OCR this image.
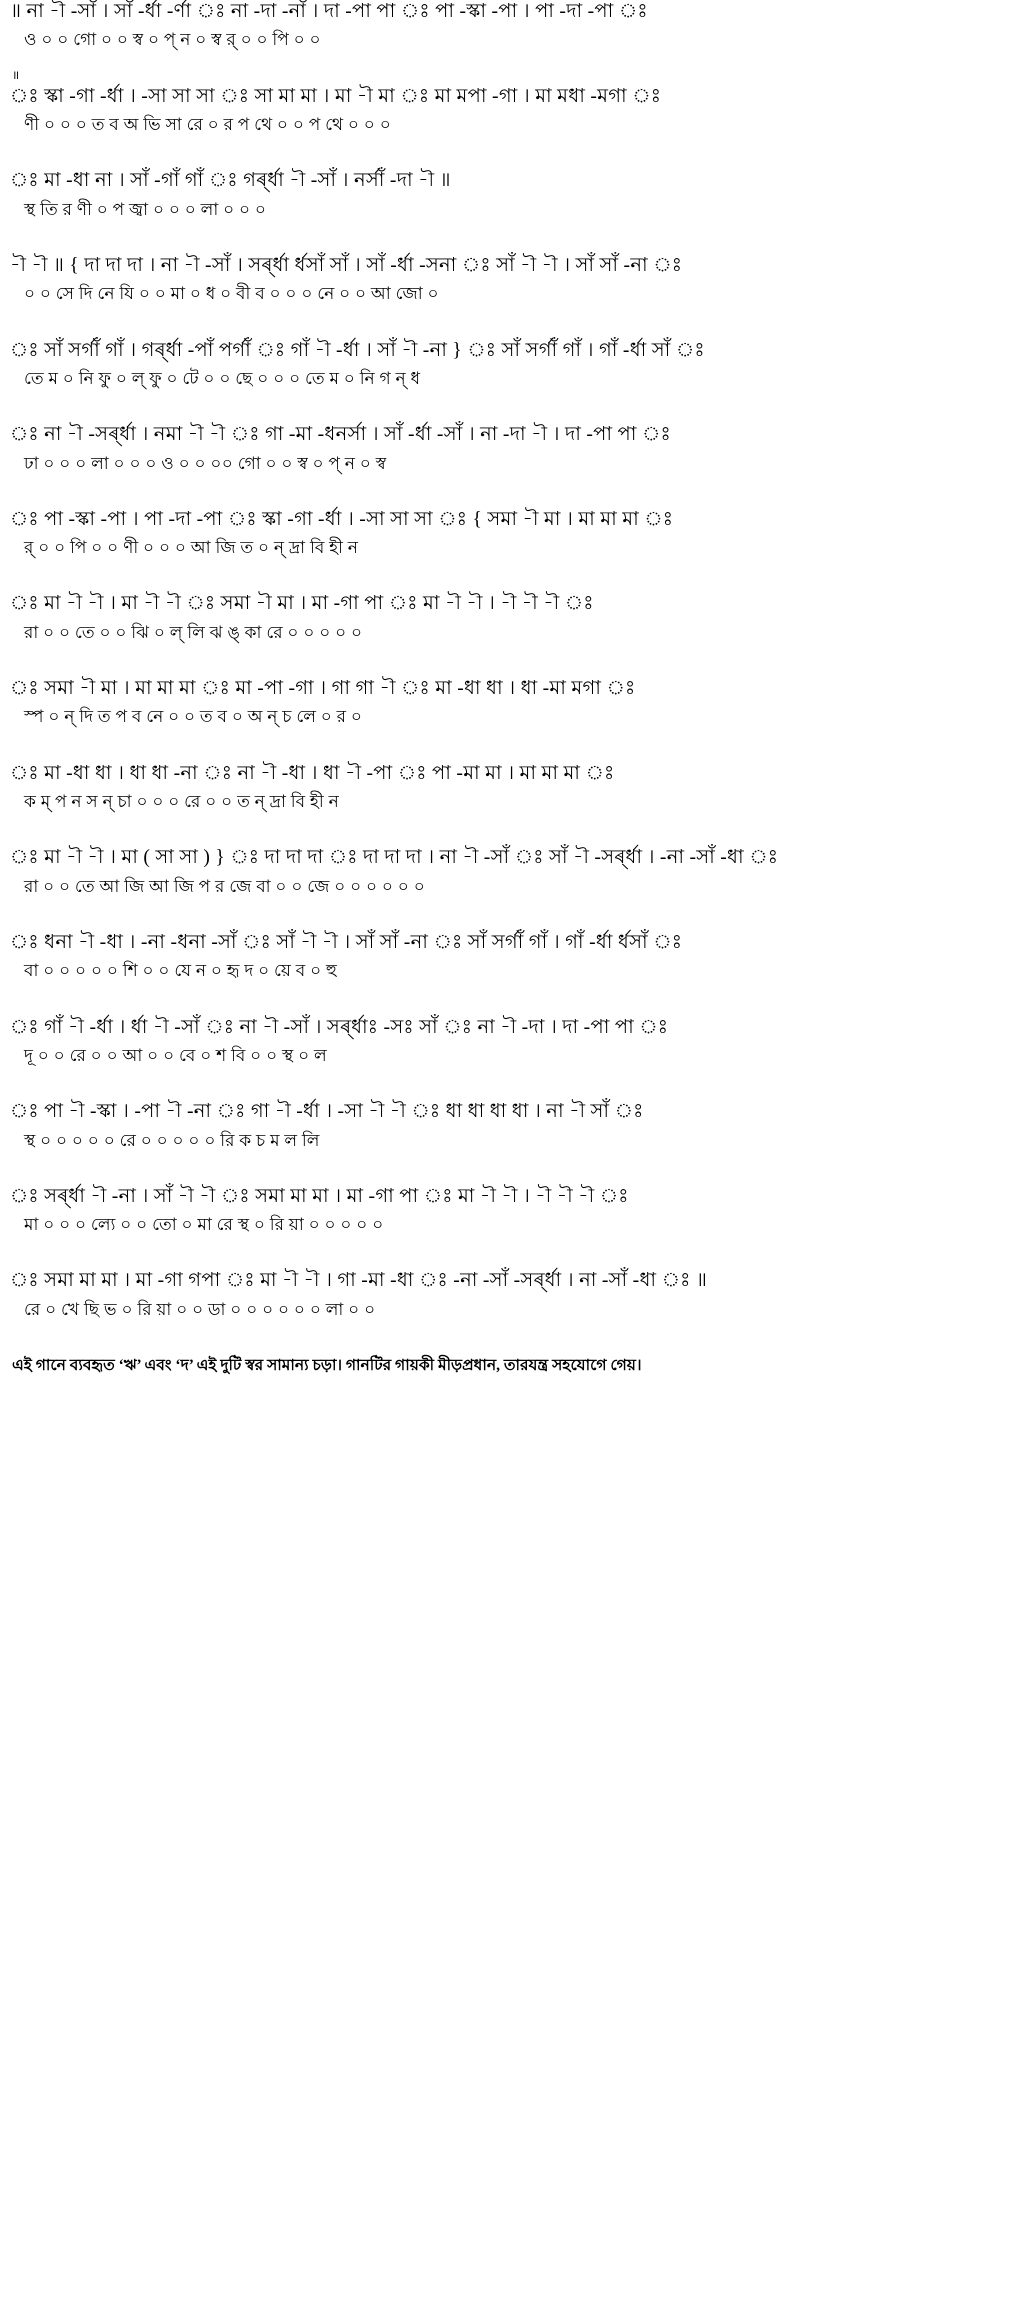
॥ না -ৗ -সাঁ । সাঁ -ৰ্ধা -ৰ্ণা ঃ না -দা -নাঁ । দা -পা পা ঃ পা -স্কা -পা । পা -দা -পা ঃ
ও ০ ০ গো ০ ০ স্ব ০ প্ ন ০ স্ব র্ ০ ০ পি ০ ০
॥ ঃ স্কা -গা -ৰ্ধা । -সা সা সা ঃ সা মা মা । মা -ৗ মা ঃ মা মপা -গা । মা মধা -মগা ঃ
ণী ০ ০ ০ ত ব অ ভি সা রে ০ র প থে ০ ০ প থে ০ ০ ০
ঃ মা -ধা না । সাঁ -গাঁ গাঁ ঃ গর্ৰ্ধা -ৗ -সাঁ । নর্সাঁ -দা -ৗ ॥
স্থ তি র ণী ০ প জ্বা ০ ০ ০ লা ০ ০ ০
-ৗ -ৗ ॥ { দা দা দা । না -ৗ -সাঁ । সর্ৰ্ধা ৰ্ধসাঁ সাঁ । সাঁ -ৰ্ধা -সনা ঃ সাঁ -ৗ -ৗ । সাঁ সাঁ -না ঃ
০ ০ সে দি নে যি ০ ০ মা ০ ধ ০ বী ব ০ ০ ০ নে ০ ০ আ জো ০
ঃ সাঁ সর্গাঁ গাঁ । গর্ৰ্ধা -পাঁ পর্গাঁ ঃ গাঁ -ৗ -ৰ্ধা । সাঁ -ৗ -না } ঃ সাঁ সর্গাঁ গাঁ । গাঁ -ৰ্ধা সাঁ ঃ
তে ম ০ নি ফু ০ ল্ ফু ০ টে ০ ০ ছে ০ ০ ০ তে ম ০ নি গ ন্ ধ
ঃ না -ৗ -সর্ৰ্ধা । নমা -ৗ -ৗ ঃ গা -মা -ধনর্সা । সাঁ -ৰ্ধা -সাঁ । না -দা -ৗ । দা -পা পা ঃ
ঢা ০ ০ ০ লা ০ ০ ০ ও ০ ০ ০০ গো ০ ০ স্ব ০ প্ ন ০ স্ব
ঃ পা -স্কা -পা । পা -দা -পা ঃ স্কা -গা -ৰ্ধা । -সা সা সা ঃ { সমা -ৗ মা । মা মা মা ঃ
র্ ০ ০ পি ০ ০ ণী ০ ০ ০ আ জি ত ০ ন্ দ্রা বি হী ন
ঃ মা -ৗ -ৗ । মা -ৗ -ৗ ঃ সমা -ৗ মা । মা -গা পা ঃ মা -ৗ -ৗ । -ৗ -ৗ -ৗ ঃ
রা ০ ০ তে ০ ০ ঝি ০ ল্ লি ঝ ঙ্ কা রে ০ ০ ০ ০ ০
ঃ সমা -ৗ মা । মা মা মা ঃ মা -পা -গা । গা গা -ৗ ঃ মা -ধা ধা । ধা -মা মগা ঃ
স্প ০ ন্ দি ত প ব নে ০ ০ ত ব ০ অ ন্ চ লে ০ র ০
ঃ মা -ধা ধা । ধা ধা -না ঃ না -ৗ -ধা । ধা -ৗ -পা ঃ পা -মা মা । মা মা মা ঃ
ক ম্ প ন স ন্ চা ০ ০ ০ রে ০ ০ ত ন্ দ্রা বি হী ন
ঃ মা -ৗ -ৗ । মা ( সা সা ) } ঃ দা দা দা ঃ দা দা দা । না -ৗ -সাঁ ঃ সাঁ -ৗ -সর্ৰ্ধা । -না -সাঁ -ধা ঃ
রা ০ ০ তে আ জি আ জি প র জে বা ০ ০ জে ০ ০ ০ ০ ০ ০
ঃ ধনা -ৗ -ধা । -না -ধনা -সাঁ ঃ সাঁ -ৗ -ৗ । সাঁ সাঁ -না ঃ সাঁ সর্গাঁ গাঁ । গাঁ -ৰ্ধা ৰ্ধসাঁ ঃ
বা ০ ০ ০ ০ ০ শি ০ ০ যে ন ০ হৃ দ ০ য়ে ব ০ হু
ঃ গাঁ -ৗ -ৰ্ধা । ৰ্ধা -ৗ -সাঁ ঃ না -ৗ -সাঁ । সর্ৰ্ধাঃ -সঃ সাঁ ঃ না -ৗ -দা । দা -পা পা ঃ
দূ ০ ০ রে ০ ০ আ ০ ০ বে ০ শ বি ০ ০ স্থ ০ ল
ঃ পা -ৗ -স্কা । -পা -ৗ -না ঃ গা -ৗ -ৰ্ধা । -সা -ৗ -ৗ ঃ ধা ধা ধা ধা । না -ৗ সাঁ ঃ
স্থ ০ ০ ০ ০ ০ রে ০ ০ ০ ০ ০ রি ক চ ম ল লি
ঃ সর্ৰ্ধা -ৗ -না । সাঁ -ৗ -ৗ ঃ সমা মা মা । মা -গা পা ঃ মা -ৗ -ৗ । -ৗ -ৗ -ৗ ঃ
মা ০ ০ ০ ল্যে ০ ০ তো ০ মা রে স্থ ০ রি য়া ০ ০ ০ ০ ০
ঃ সমা মা মা । মা -গা গপা ঃ মা -ৗ -ৗ । গা -মা -ধা ঃ -না -সাঁ -সর্ৰ্ধা । না -সাঁ -ধা ঃ ॥
রে ০ খে ছি ভ ০ রি য়া ০ ০ ডা ০ ০ ০ ০ ০ ০ লা ০ ০
এই গানে ব্যবহৃত ‘ঋ’ এবং ‘দ’ এই দুটি স্বর সামান্য চড়া। গানটির গায়কী মীড়প্রধান, তারযন্ত্র সহযোগে গেয়।
